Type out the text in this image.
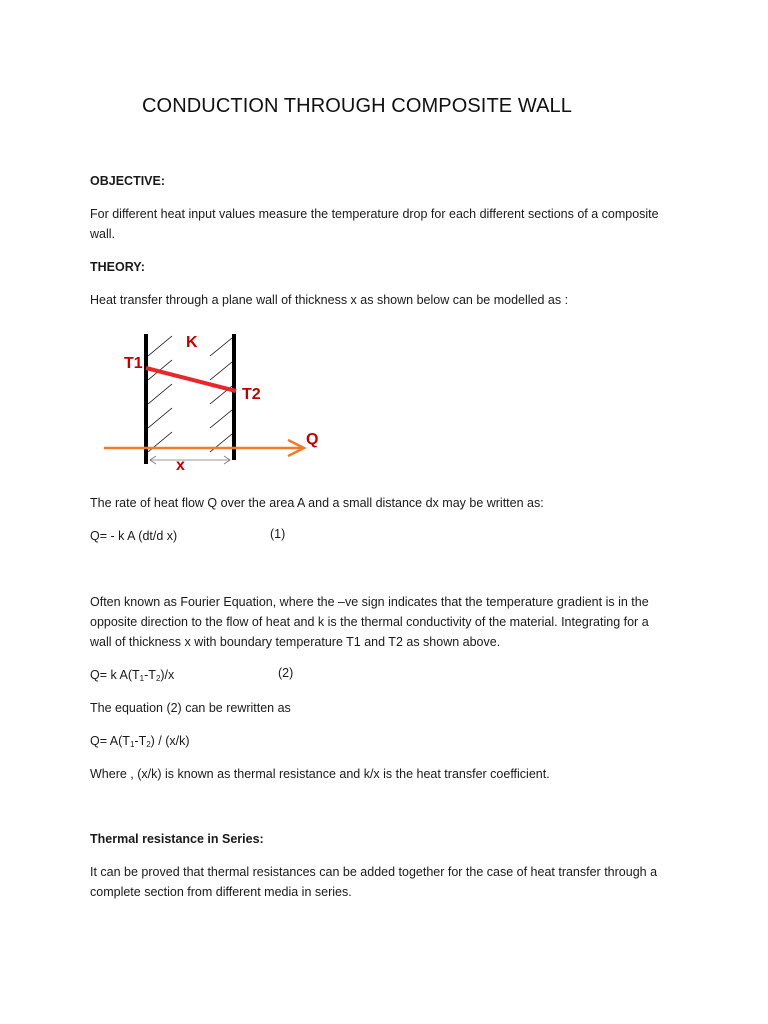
CONDUCTION THROUGH COMPOSITE WALL
OBJECTIVE:
For different heat input values measure the temperature drop for each different sections of a composite
wall.
THEORY:
Heat transfer through a plane wall of thickness x as shown below can be modelled as :
K
T1
T2
Q
x
The rate of heat flow Q over the area A and a small distance dx may be written as:
Q= - k A (dt/d x)	(1)
Often known as Fourier Equation, where the –ve sign indicates that the temperature gradient is in the
opposite direction to the flow of heat and k is the thermal conductivity of the material. Integrating for a
wall of thickness x with boundary temperature T1 and T2 as shown above.
Q= k $A(T_1-T_2)/x$	(2)
The equation (2) can be rewritten as
$Q= A(T_1-T_2) / (x/k)$
Where , (x/k) is known as thermal resistance and k/x is the heat transfer coefficient.
Thermal resistance in Series:
It can be proved that thermal resistances can be added together for the case of heat transfer through a
complete section from different media in series.
